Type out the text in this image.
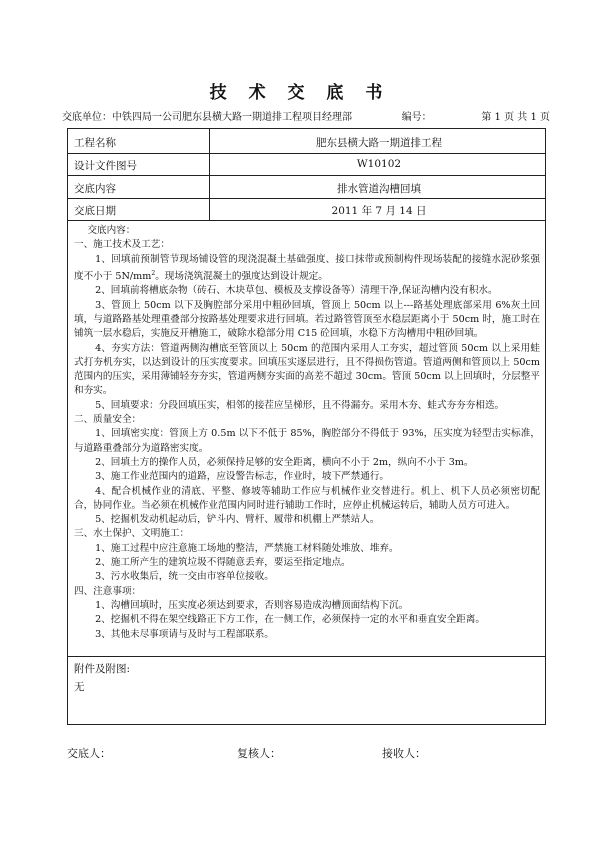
技 术 交 底 书
交底单位：中铁四局一公司肥东县横大路一期道排工程项目经理部	编号：	第 1 页 共 1 页
工程名称	肥东县横大路一期道排工程
设计文件图号	W10102
交底内容	排水管道沟槽回填
交底日期	2011 年 7 月 14 日

交底内容：

一、施工技术及工艺：

1、回填前预制管节现场铺设管的现浇混凝土基础强度、接口抹带或预制构件现场装配的接缝水泥砂浆强度不小于 $5N/mm^2$。现场浇筑混凝土的强度达到设计规定。

2、回填前将槽底杂物（砖石、木块草包、模板及支撑设备等）清理干净,保证沟槽内没有积水。

3、管顶上 50cm 以下及胸腔部分采用中粗砂回填，管顶上 50cm 以上---路基处理底部采用 6%灰土回填，与道路路基处理重叠部分按路基处理要求进行回填。若过路管管顶至水稳层距离小于 50cm 时，施工时在铺筑一层水稳后，实施反开槽施工，破除水稳部分用 C15 砼回填，水稳下方沟槽用中粗砂回填。

4、夯实方法：管道两侧沟槽底至管顶以上 50cm 的范围内采用人工夯实，超过管顶 50cm 以上采用蛙式打夯机夯实，以达到设计的压实度要求。回填压实逐层进行，且不得损伤管道。管道两侧和管顶以上 50cm 范围内的压实，采用薄铺轻夯夯实，管道两侧夯实面的高差不超过 30cm。管顶 50cm 以上回填时，分层整平和夯实。

5、回填要求：分段回填压实，相邻的接茬应呈梯形，且不得漏夯。采用木夯、蛙式夯夯夯相迭。

二、质量安全：

1、回填密实度：管顶上方 0.5m 以下不低于 85%，胸腔部分不得低于 93%，压实度为轻型击实标准，与道路重叠部分为道路密实度。

2、回填土方的操作人员，必须保持足够的安全距离，横向不小于 2m，纵向不小于 3m。

3、施工作业范围内的道路，应设警告标志，作业时，坡下严禁通行。

4、配合机械作业的清底、平整、修坡等辅助工作应与机械作业交替进行。机上、机下人员必须密切配合，协同作业。当必须在机械作业范围内同时进行辅助工作时，应停止机械运转后，辅助人员方可进入。

5、挖掘机发动机起动后，铲斗内、臂杆、履带和机棚上严禁站人。

三、水土保护、文明施工：

1、施工过程中应注意施工场地的整洁，严禁施工材料随处堆放、堆弃。

2、施工所产生的建筑垃圾不得随意丢弃，要运至指定地点。

3、污水收集后，统一交由市容单位接收。

四、注意事项：

1、沟槽回填时，压实度必须达到要求，否则容易造成沟槽顶面结构下沉。

2、挖掘机不得在架空线路正下方工作，在一侧工作，必须保持一定的水平和垂直安全距离。

3、其他未尽事项请与及时与工程部联系。

附件及附图:

无

交底人：	复核人：	接收人：
